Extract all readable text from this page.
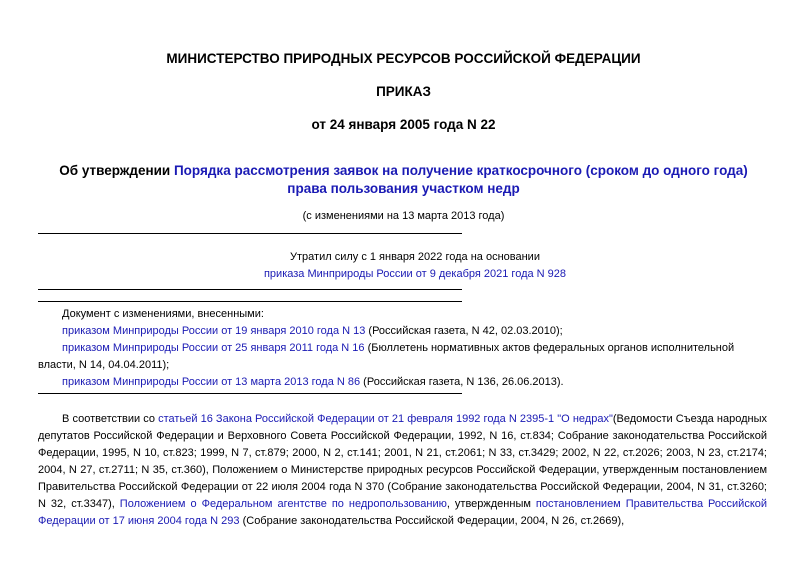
МИНИСТЕРСТВО ПРИРОДНЫХ РЕСУРСОВ РОССИЙСКОЙ ФЕДЕРАЦИИ
ПРИКАЗ
от 24 января 2005 года N 22
Об утверждении Порядка рассмотрения заявок на получение краткосрочного (сроком до одного года) права пользования участком недр
(с изменениями на 13 марта 2013 года)
Утратил силу с 1 января 2022 года на основании
приказа Минприроды России от 9 декабря 2021 года N 928
Документ с изменениями, внесенными:
приказом Минприроды России от 19 января 2010 года N 13 (Российская газета, N 42, 02.03.2010);
приказом Минприроды России от 25 января 2011 года N 16 (Бюллетень нормативных актов федеральных органов исполнительной власти, N 14, 04.04.2011);
приказом Минприроды России от 13 марта 2013 года N 86 (Российская газета, N 136, 26.06.2013).
В соответствии со статьей 16 Закона Российской Федерации от 21 февраля 1992 года N 2395-1 "О недрах"(Ведомости Съезда народных депутатов Российской Федерации и Верховного Совета Российской Федерации, 1992, N 16, ст.834; Собрание законодательства Российской Федерации, 1995, N 10, ст.823; 1999, N 7, ст.879; 2000, N 2, ст.141; 2001, N 21, ст.2061; N 33, ст.3429; 2002, N 22, ст.2026; 2003, N 23, ст.2174; 2004, N 27, ст.2711; N 35, ст.360), Положением о Министерстве природных ресурсов Российской Федерации, утвержденным постановлением Правительства Российской Федерации от 22 июля 2004 года N 370 (Собрание законодательства Российской Федерации, 2004, N 31, ст.3260; N 32, ст.3347), Положением о Федеральном агентстве по недропользованию, утвержденным постановлением Правительства Российской Федерации от 17 июня 2004 года N 293 (Собрание законодательства Российской Федерации, 2004, N 26, ст.2669),
